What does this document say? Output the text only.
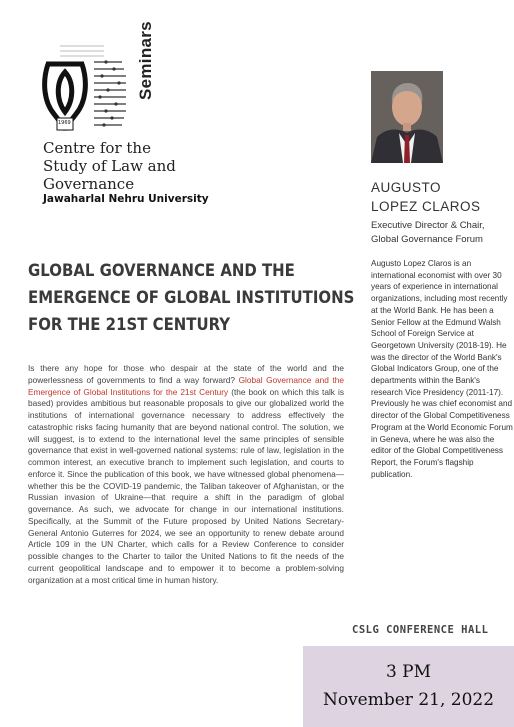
1969
Seminars
Centre for the
Study of Law and
Governance
Jawaharlal Nehru University
AUGUSTO
LOPEZ CLAROS
Executive Director & Chair,
Global Governance Forum
Augusto Lopez Claros is an international economist with over 30 years of experience in international organizations, including most recently at the World Bank. He has been a Senior Fellow at the Edmund Walsh School of Foreign Service at Georgetown University (2018-19). He was the director of the World Bank's Global Indicators Group, one of the departments within the Bank's research Vice Presidency (2011-17). Previously he was chief economist and director of the Global Competitiveness Program at the World Economic Forum in Geneva, where he was also the editor of the Global Competitiveness Report, the Forum's flagship publication.
GLOBAL GOVERNANCE AND THE
EMERGENCE OF GLOBAL INSTITUTIONS
FOR THE 21ST CENTURY
Is there any hope for those who despair at the state of the world and the powerlessness of governments to find a way forward? Global Governance and the Emergence of Global Institutions for the 21st Century (the book on which this talk is based) provides ambitious but reasonable proposals to give our globalized world the institutions of international governance necessary to address effectively the catastrophic risks facing humanity that are beyond national control. The solution, we will suggest, is to extend to the international level the same principles of sensible governance that exist in well-governed national systems: rule of law, legislation in the common interest, an executive branch to implement such legislation, and courts to enforce it. Since the publication of this book, we have witnessed global phenomena—whether this be the COVID-19 pandemic, the Taliban takeover of Afghanistan, or the Russian invasion of Ukraine—that require a shift in the paradigm of global governance. As such, we advocate for change in our international institutions. Specifically, at the Summit of the Future proposed by United Nations Secretary-General Antonio Guterres for 2024, we see an opportunity to renew debate around Article 109 in the UN Charter, which calls for a Review Conference to consider possible changes to the Charter to tailor the United Nations to fit the needs of the current geopolitical landscape and to empower it to become a problem-solving organization at a most critical time in human history.
CSLG CONFERENCE HALL
3 PM
November 21, 2022
